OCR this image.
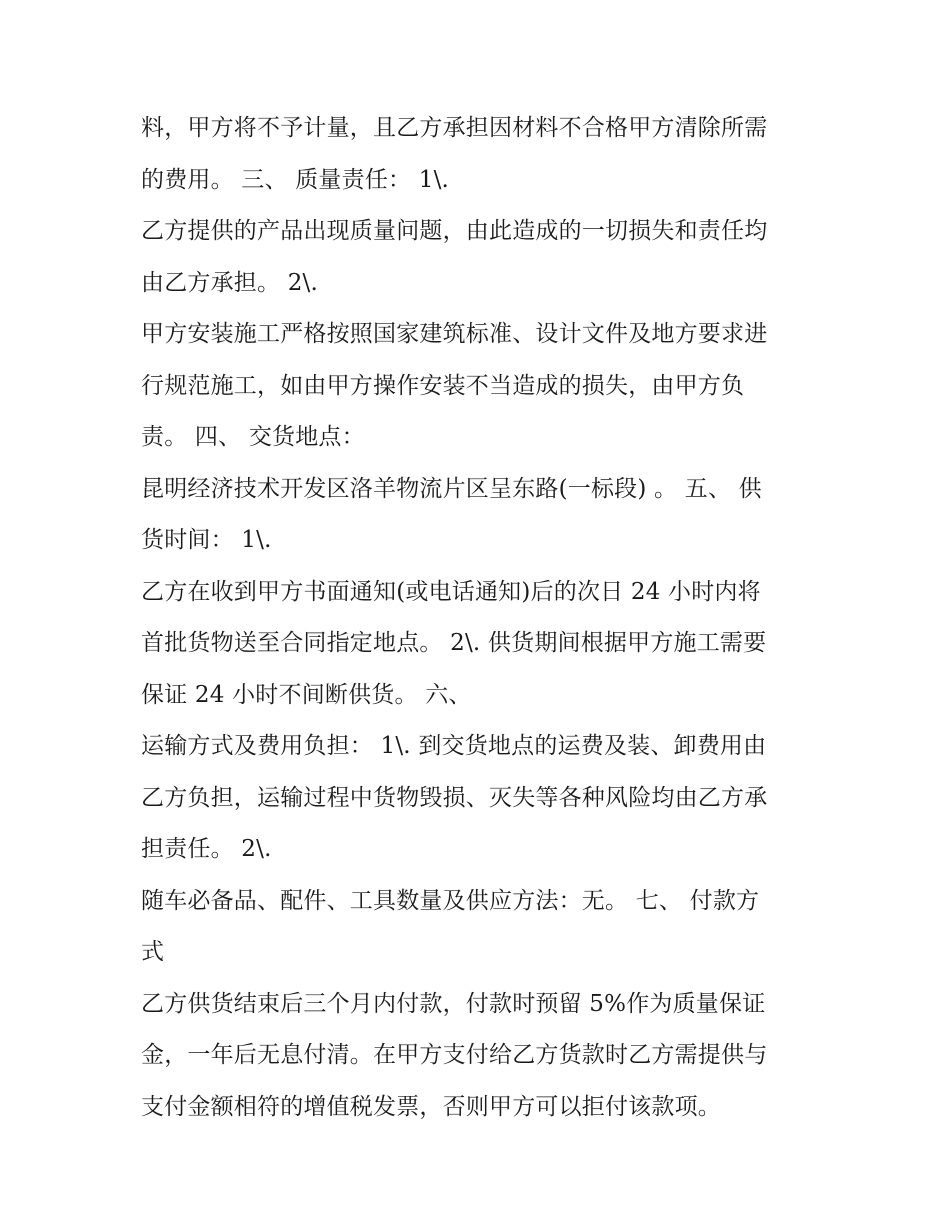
料，甲方将不予计量，且乙方承担因材料不合格甲方清除所需
的费用。 三、 质量责任： 1\.
乙方提供的产品出现质量问题，由此造成的一切损失和责任均
由乙方承担。 2\.
甲方安装施工严格按照国家建筑标准、设计文件及地方要求进
行规范施工，如由甲方操作安装不当造成的损失，由甲方负
责。 四、 交货地点：
昆明经济技术开发区洛羊物流片区呈东路(一标段) 。 五、 供
货时间： 1\.
乙方在收到甲方书面通知(或电话通知)后的次日 24 小时内将
首批货物送至合同指定地点。 2\. 供货期间根据甲方施工需要
保证 24 小时不间断供货。 六、
运输方式及费用负担： 1\. 到交货地点的运费及装、卸费用由
乙方负担，运输过程中货物毁损、灭失等各种风险均由乙方承
担责任。 2\.
随车必备品、配件、工具数量及供应方法：无。 七、 付款方
式
乙方供货结束后三个月内付款，付款时预留 5%作为质量保证
金，一年后无息付清。在甲方支付给乙方货款时乙方需提供与
支付金额相符的增值税发票，否则甲方可以拒付该款项。
